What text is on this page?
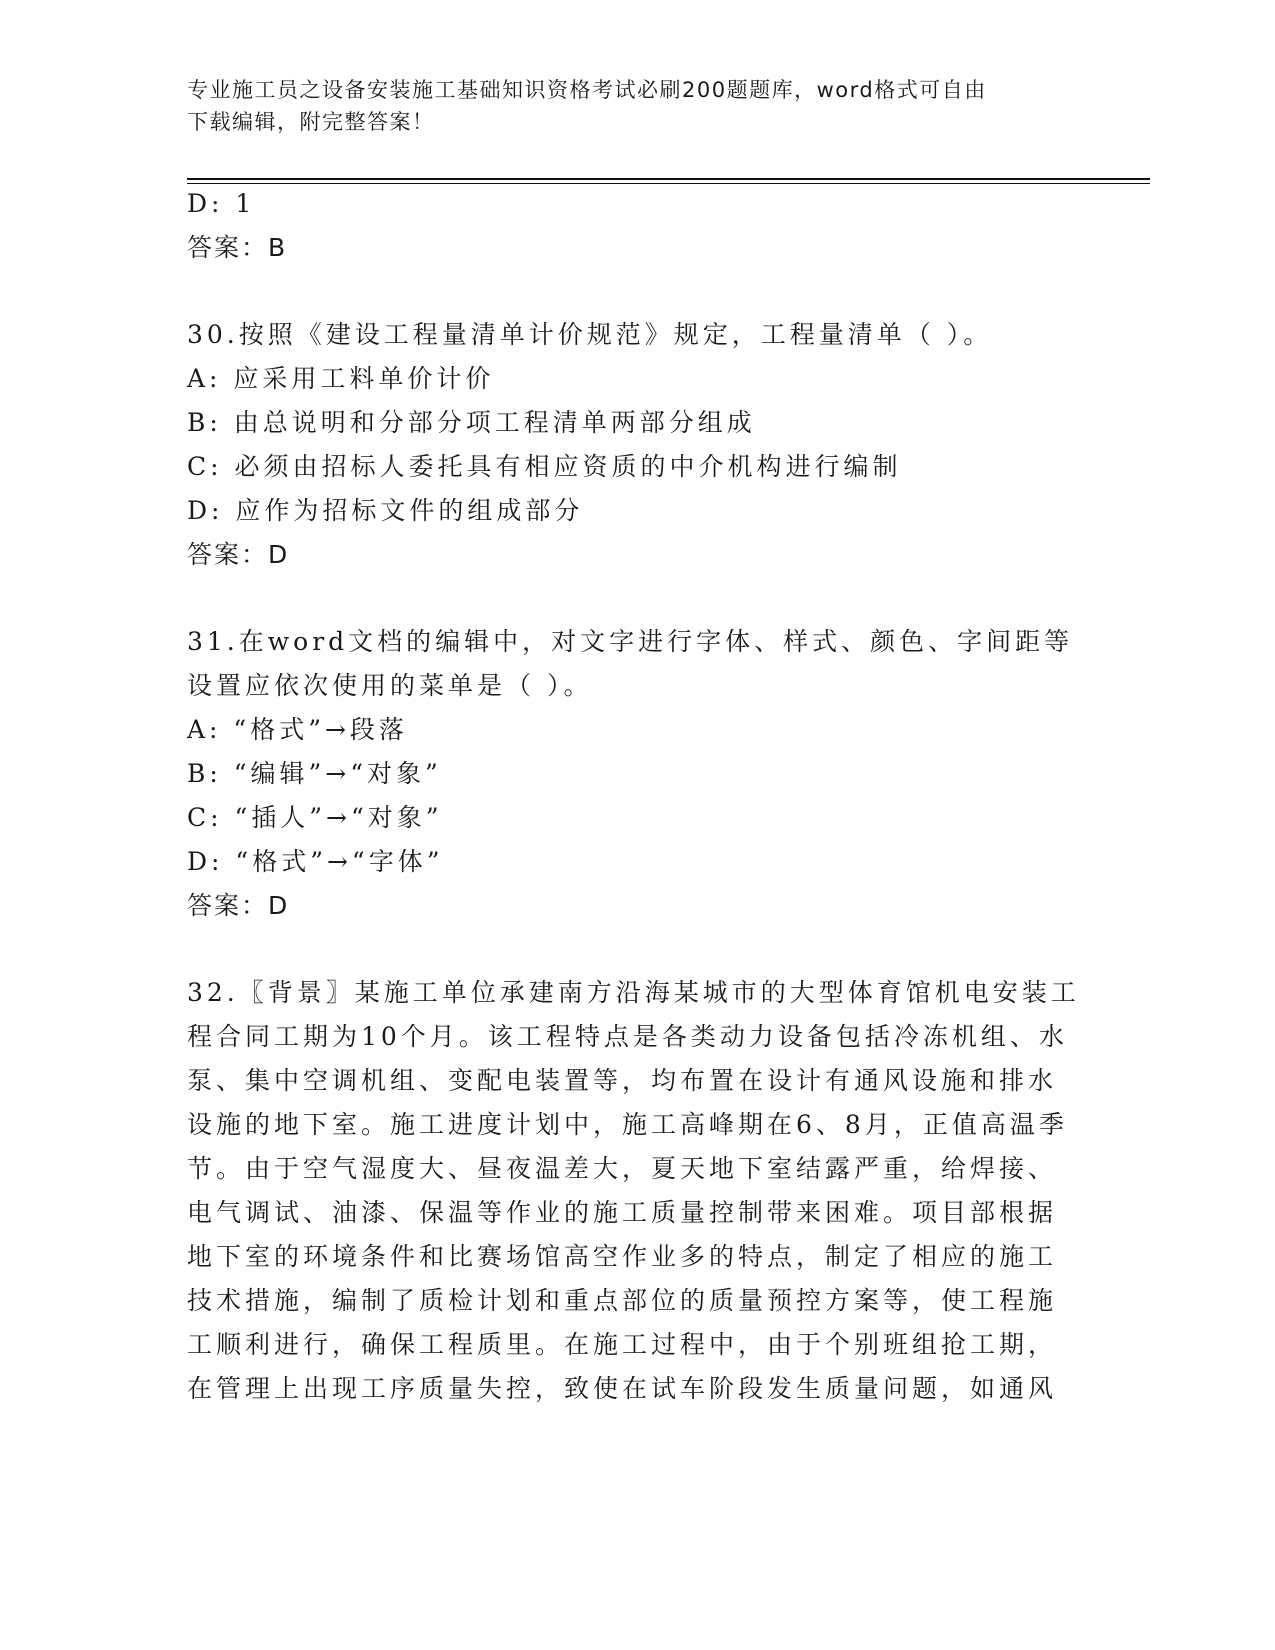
专业施工员之设备安装施工基础知识资格考试必刷200题题库，word格式可自由
下载编辑，附完整答案！
D: 1
答案：B
30.按照《建设工程量清单计价规范》规定，工程量清单（ ）。
A: 应采用工料单价计价
B: 由总说明和分部分项工程清单两部分组成
C: 必须由招标人委托具有相应资质的中介机构进行编制
D: 应作为招标文件的组成部分
答案：D
31.在word文档的编辑中，对文字进行字体、样式、颜色、字间距等
设置应依次使用的菜单是（ ）。
A: “格式”→段落
B: “编辑”→“对象”
C: “插人”→“对象”
D: “格式”→“字体”
答案：D
32.〖背景〗某施工单位承建南方沿海某城市的大型体育馆机电安装工
程合同工期为10个月。该工程特点是各类动力设备包括冷冻机组、水
泵、集中空调机组、变配电装置等，均布置在设计有通风设施和排水
设施的地下室。施工进度计划中，施工高峰期在6、8月，正值高温季
节。由于空气湿度大、昼夜温差大，夏天地下室结露严重，给焊接、
电气调试、油漆、保温等作业的施工质量控制带来困难。项目部根据
地下室的环境条件和比赛场馆高空作业多的特点，制定了相应的施工
技术措施，编制了质检计划和重点部位的质量预控方案等，使工程施
工顺利进行，确保工程质里。在施工过程中，由于个别班组抢工期，
在管理上出现工序质量失控，致使在试车阶段发生质量问题，如通风
